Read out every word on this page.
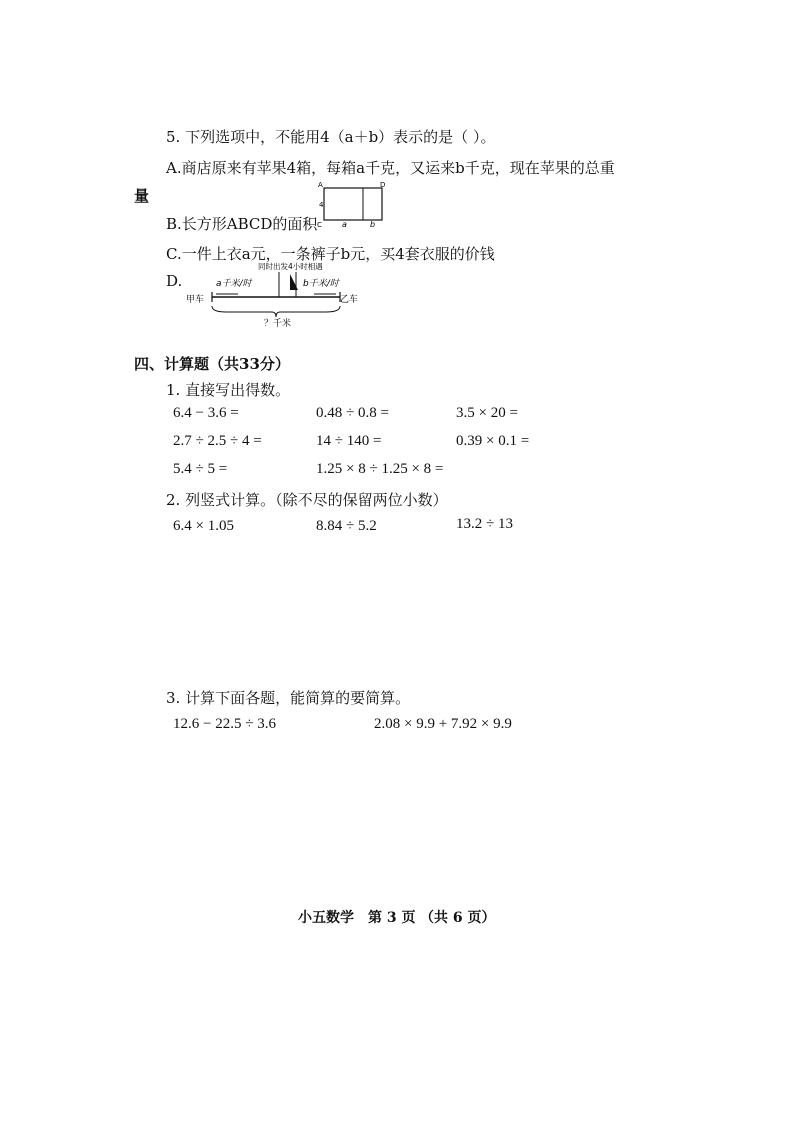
5. 下列选项中，不能用4（a＋b）表示的是（ ）。
A.商店原来有苹果4箱，每箱a千克，又运来b千克，现在苹果的总重
量
B.长方形ABCD的面积
A	D
C
4
a	b
C.一件上衣a元，一条裤子b元，买4套衣服的价钱
D.
同时出发4小时相遇
a千米/时	b千米/时
甲车	乙车
？千米
四、计算题（共33分）
1. 直接写出得数。
6.4 − 3.6 =	0.48 ÷ 0.8 =	3.5 × 20 =
2.7 ÷ 2.5 ÷ 4 =	14 ÷ 140 =	0.39 × 0.1 =
5.4 ÷ 5 =	1.25 × 8 ÷ 1.25 × 8 =
2. 列竖式计算。（除不尽的保留两位小数）
6.4 × 1.05	8.84 ÷ 5.2	13.2 ÷ 13
3. 计算下面各题，能简算的要简算。
12.6 − 22.5 ÷ 3.6	2.08 × 9.9 + 7.92 × 9.9
小五数学 第 3 页 （共 6 页）
